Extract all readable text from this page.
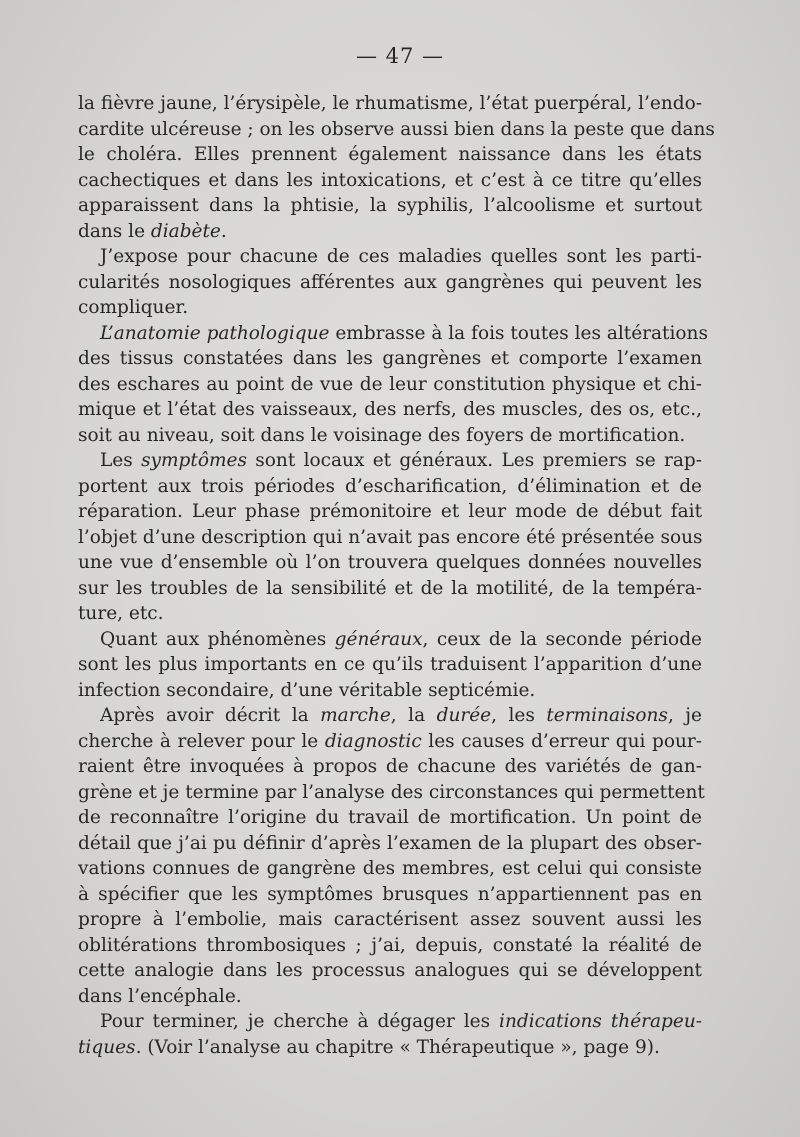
— 47 —
la fièvre jaune, l’érysipèle, le rhumatisme, l’état puerpéral, l’endo-
cardite ulcéreuse ; on les observe aussi bien dans la peste que dans
le choléra. Elles prennent également naissance dans les états
cachectiques et dans les intoxications, et c’est à ce titre qu’elles
apparaissent dans la phtisie, la syphilis, l’alcoolisme et surtout
dans le diabète.
J’expose pour chacune de ces maladies quelles sont les parti-
cularités nosologiques afférentes aux gangrènes qui peuvent les
compliquer.
L’anatomie pathologique embrasse à la fois toutes les altérations
des tissus constatées dans les gangrènes et comporte l’examen
des eschares au point de vue de leur constitution physique et chi-
mique et l’état des vaisseaux, des nerfs, des muscles, des os, etc.,
soit au niveau, soit dans le voisinage des foyers de mortification.
Les symptômes sont locaux et généraux. Les premiers se rap-
portent aux trois périodes d’escharification, d’élimination et de
réparation. Leur phase prémonitoire et leur mode de début fait
l’objet d’une description qui n’avait pas encore été présentée sous
une vue d’ensemble où l’on trouvera quelques données nouvelles
sur les troubles de la sensibilité et de la motilité, de la tempéra-
ture, etc.
Quant aux phénomènes généraux, ceux de la seconde période
sont les plus importants en ce qu’ils traduisent l’apparition d’une
infection secondaire, d’une véritable septicémie.
Après avoir décrit la marche, la durée, les terminaisons, je
cherche à relever pour le diagnostic les causes d’erreur qui pour-
raient être invoquées à propos de chacune des variétés de gan-
grène et je termine par l’analyse des circonstances qui permettent
de reconnaître l’origine du travail de mortification. Un point de
détail que j’ai pu définir d’après l’examen de la plupart des obser-
vations connues de gangrène des membres, est celui qui consiste
à spécifier que les symptômes brusques n’appartiennent pas en
propre à l’embolie, mais caractérisent assez souvent aussi les
oblitérations thrombosiques ; j’ai, depuis, constaté la réalité de
cette analogie dans les processus analogues qui se développent
dans l’encéphale.
Pour terminer, je cherche à dégager les indications thérapeu-
tiques. (Voir l’analyse au chapitre « Thérapeutique », page 9).
